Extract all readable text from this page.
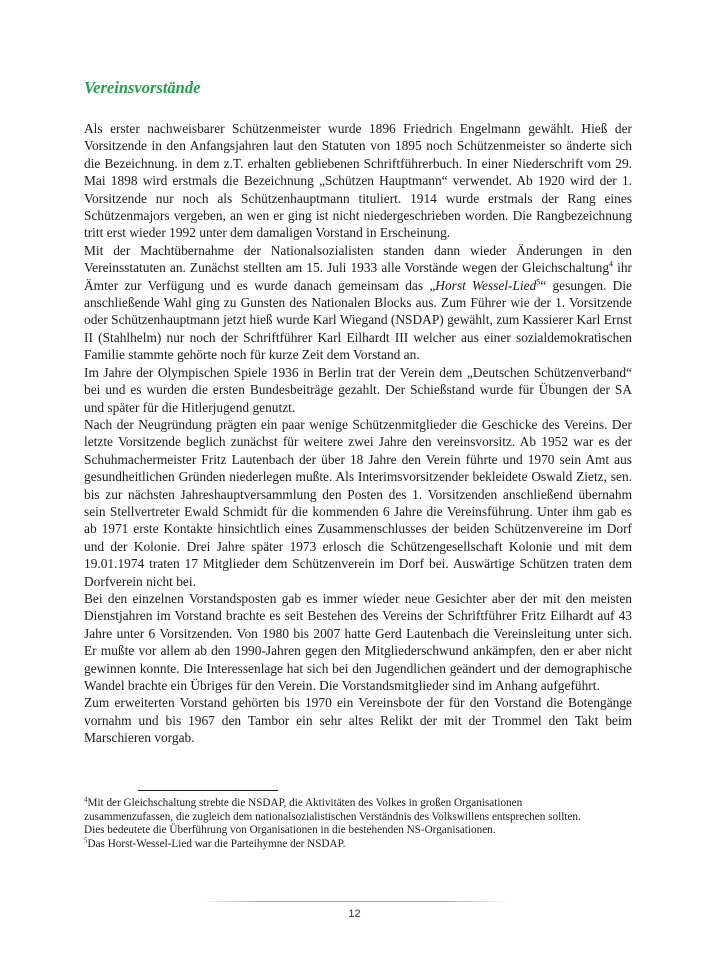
Vereinsvorstände

Als erster nachweisbarer Schützenmeister wurde 1896 Friedrich Engelmann gewählt. Hieß der Vorsitzende in den Anfangsjahren laut den Statuten von 1895 noch Schützenmeister so änderte sich die Bezeichnung. in dem z.T. erhalten gebliebenen Schriftführerbuch. In einer Niederschrift vom 29. Mai 1898 wird erstmals die Bezeichnung „Schützen Hauptmann“ verwendet. Ab 1920 wird der 1. Vorsitzende nur noch als Schützenhauptmann tituliert. 1914 wurde erstmals der Rang eines Schützenmajors vergeben, an wen er ging ist nicht niedergeschrieben worden. Die Rangbezeichnung tritt erst wieder 1992 unter dem damaligen Vorstand in Erscheinung.

Mit der Machtübernahme der Nationalsozialisten standen dann wieder Änderungen in den Vereinsstatuten an. Zunächst stellten am 15. Juli 1933 alle Vorstände wegen der Gleichschaltung$^4$ ihr Ämter zur Verfügung und es wurde danach gemeinsam das „Horst Wessel-Lied$^5$“ gesungen. Die anschließende Wahl ging zu Gunsten des Nationalen Blocks aus. Zum Führer wie der 1. Vorsitzende oder Schützenhauptmann jetzt hieß wurde Karl Wiegand (NSDAP) gewählt, zum Kassierer Karl Ernst II (Stahlhelm) nur noch der Schriftführer Karl Eilhardt III welcher aus einer sozialdemokratischen Familie stammte gehörte noch für kurze Zeit dem Vorstand an.

Im Jahre der Olympischen Spiele 1936 in Berlin trat der Verein dem „Deutschen Schützenverband“ bei und es wurden die ersten Bundesbeiträge gezahlt. Der Schießstand wurde für Übungen der SA und später für die Hitlerjugend genutzt.

Nach der Neugründung prägten ein paar wenige Schützenmitglieder die Geschicke des Vereins. Der letzte Vorsitzende beglich zunächst für weitere zwei Jahre den vereinsvorsitz. Ab 1952 war es der Schuhmachermeister Fritz Lautenbach der über 18 Jahre den Verein führte und 1970 sein Amt aus gesundheitlichen Gründen niederlegen mußte. Als Interimsvorsitzender bekleidete Oswald Zietz, sen. bis zur nächsten Jahreshauptversammlung den Posten des 1. Vorsitzenden anschließend übernahm sein Stellvertreter Ewald Schmidt für die kommenden 6 Jahre die Vereinsführung. Unter ihm gab es ab 1971 erste Kontakte hinsichtlich eines Zusammenschlusses der beiden Schützenvereine im Dorf und der Kolonie. Drei Jahre später 1973 erlosch die Schützengesellschaft Kolonie und mit dem 19.01.1974 traten 17 Mitglieder dem Schützenverein im Dorf bei. Auswärtige Schützen traten dem Dorfverein nicht bei.

Bei den einzelnen Vorstandsposten gab es immer wieder neue Gesichter aber der mit den meisten Dienstjahren im Vorstand brachte es seit Bestehen des Vereins der Schriftführer Fritz Eilhardt auf 43 Jahre unter 6 Vorsitzenden. Von 1980 bis 2007 hatte Gerd Lautenbach die Vereinsleitung unter sich. Er mußte vor allem ab den 1990-Jahren gegen den Mitgliederschwund ankämpfen, den er aber nicht gewinnen konnte. Die Interessenlage hat sich bei den Jugendlichen geändert und der demographische Wandel brachte ein Übriges für den Verein. Die Vorstandsmitglieder sind im Anhang aufgeführt.

Zum erweiterten Vorstand gehörten bis 1970 ein Vereinsbote der für den Vorstand die Botengänge vornahm und bis 1967 den Tambor ein sehr altes Relikt der mit der Trommel den Takt beim Marschieren vorgab.

$^4$Mit der Gleichschaltung strebte die NSDAP, die Aktivitäten des Volkes in großen Organisationen zusammenzufassen, die zugleich dem nationalsozialistischen Verständnis des Volkswillens entsprechen sollten. Dies bedeutete die Überführung von Organisationen in die bestehenden NS-Organisationen.

$^5$Das Horst-Wessel-Lied war die Parteihymne der NSDAP.

12
